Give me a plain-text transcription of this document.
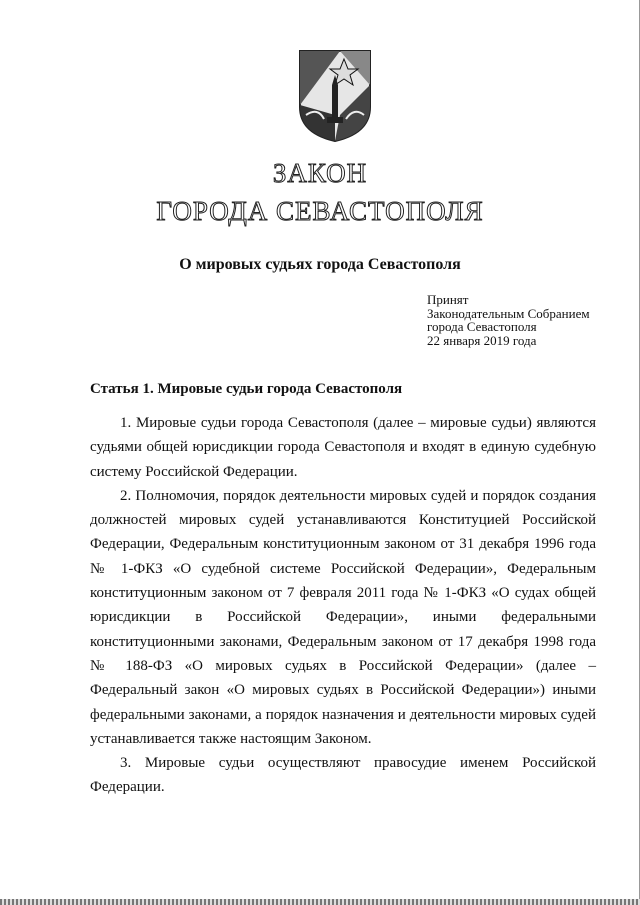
ЗАКОН
ГОРОДА СЕВАСТОПОЛЯ
О мировых судьях города Севастополя
Принят
Законодательным Собранием
города Севастополя
22 января 2019 года
Статья 1. Мировые судьи города Севастополя

1. Мировые судьи города Севастополя (далее – мировые судьи) являются судьями общей юрисдикции города Севастополя и входят в единую судебную систему Российской Федерации.

2. Полномочия, порядок деятельности мировых судей и порядок создания должностей мировых судей устанавливаются Конституцией Российской Федерации, Федеральным конституционным законом от 31 декабря 1996 года № 1-ФКЗ «О судебной системе Российской Федерации», Федеральным конституционным законом от 7 февраля 2011 года № 1-ФКЗ «О судах общей юрисдикции в Российской Федерации», иными федеральными конституционными законами, Федеральным законом от 17 декабря 1998 года № 188-ФЗ «О мировых судьях в Российской Федерации» (далее – Федеральный закон «О мировых судьях в Российской Федерации») иными федеральными законами, а порядок назначения и деятельности мировых судей устанавливается также настоящим Законом.

3. Мировые судьи осуществляют правосудие именем Российской Федерации.
